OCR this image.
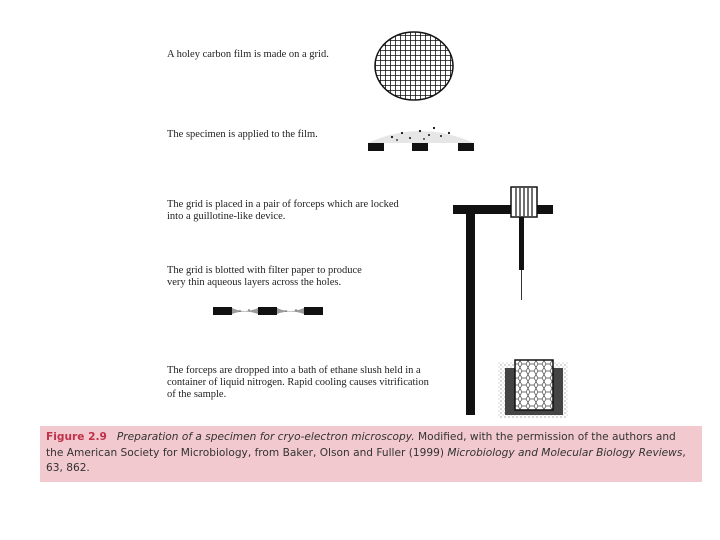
A holey carbon film is made on a grid.
The specimen is applied to the film.
The grid is placed in a pair of forceps which are locked
into a guillotine-like device.
The grid is blotted with filter paper to produce
very thin aqueous layers across the holes.
The forceps are dropped into a bath of ethane slush held in a
container of liquid nitrogen. Rapid cooling causes vitrification
of the sample.
Figure 2.9 Preparation of a specimen for cryo-electron microscopy. Modified, with the permission of the authors and the American Society for Microbiology, from Baker, Olson and Fuller (1999) Microbiology and Molecular Biology Reviews, 63, 862.
